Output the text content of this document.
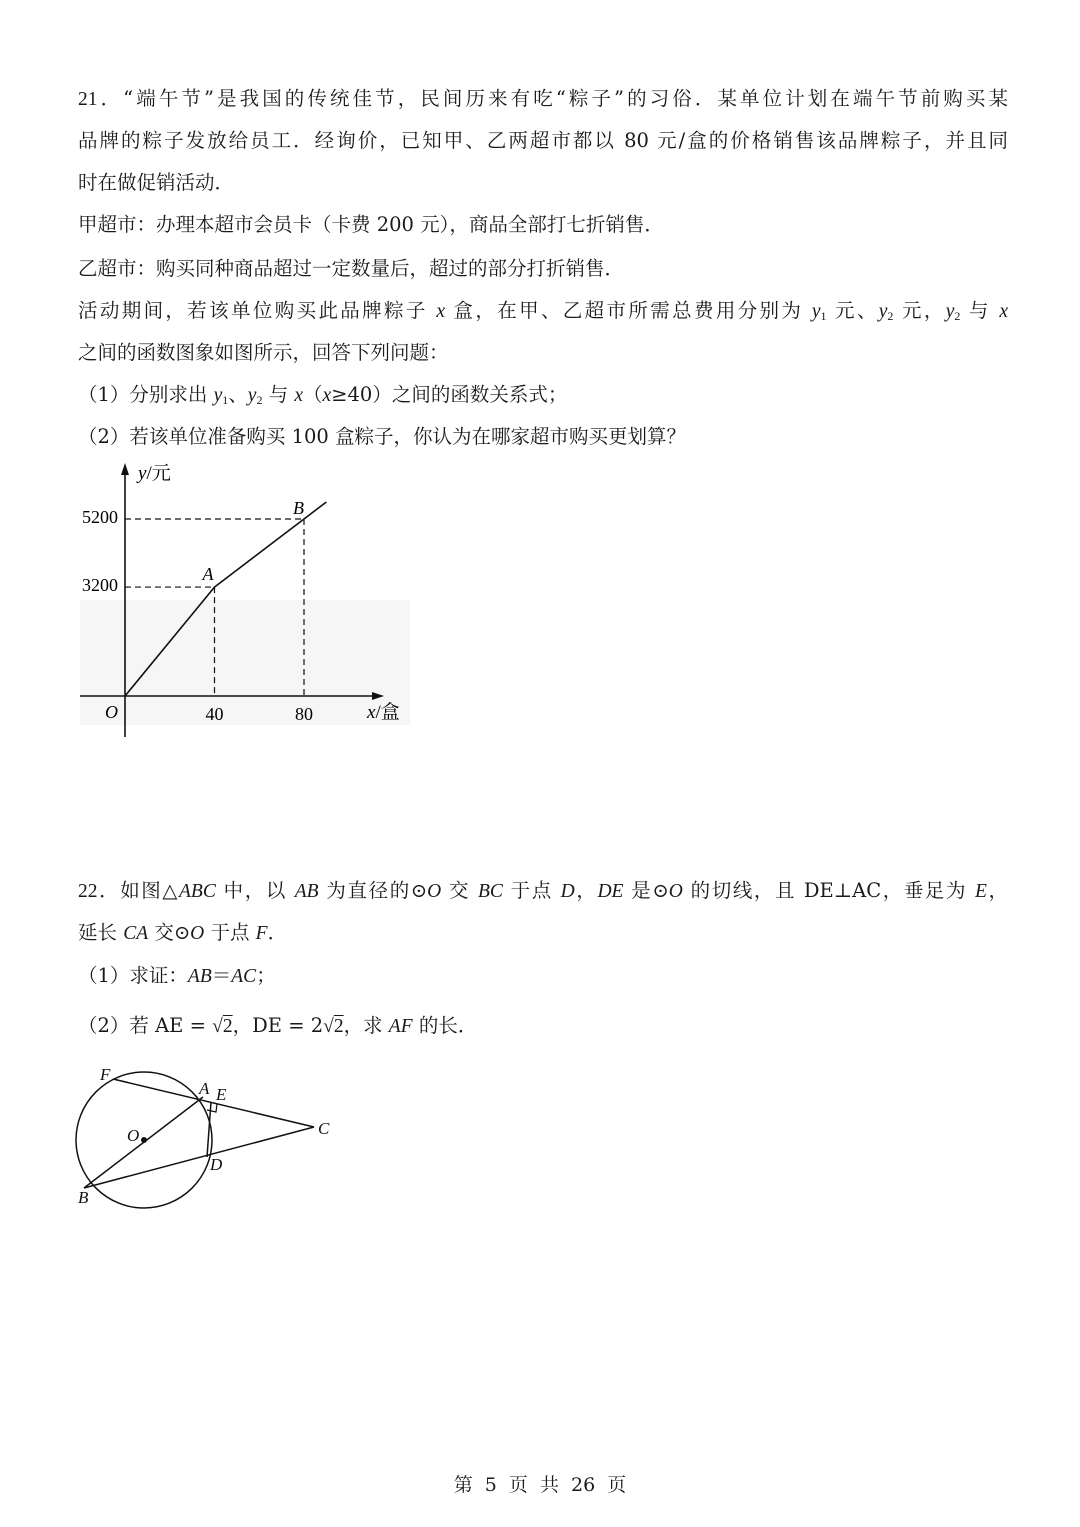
21．“端午节”是我国的传统佳节，民间历来有吃“粽子”的习俗．某单位计划在端午节前购买某
品牌的粽子发放给员工．经询价，已知甲、乙两超市都以 80 元/盒的价格销售该品牌粽子，并且同
时在做促销活动．
甲超市：办理本超市会员卡（卡费 200 元），商品全部打七折销售．
乙超市：购买同种商品超过一定数量后，超过的部分打折销售．
活动期间，若该单位购买此品牌粽子 x 盒，在甲、乙超市所需总费用分别为 $y_1$ 元、$y_2$ 元，$y_2$ 与 x
之间的函数图象如图所示，回答下列问题：
（1）分别求出 $y_1$、$y_2$ 与 x（x≥40）之间的函数关系式；
（2）若该单位准备购买 100 盒粽子，你认为在哪家超市购买更划算？
y/元
x/盒
O
5200
3200
40	80
A
B
22．如图△ABC 中，以 AB 为直径的⊙O 交 BC 于点 D，DE 是⊙O 的切线，且 DE⊥AC，垂足为 E，
延长 CA 交⊙O 于点 F．
（1）求证：AB＝AC；
（2）若 AE = √2，DE = 2√2，求 AF 的长．
F
A E
C
O
D
B
第 5 页 共 26 页
